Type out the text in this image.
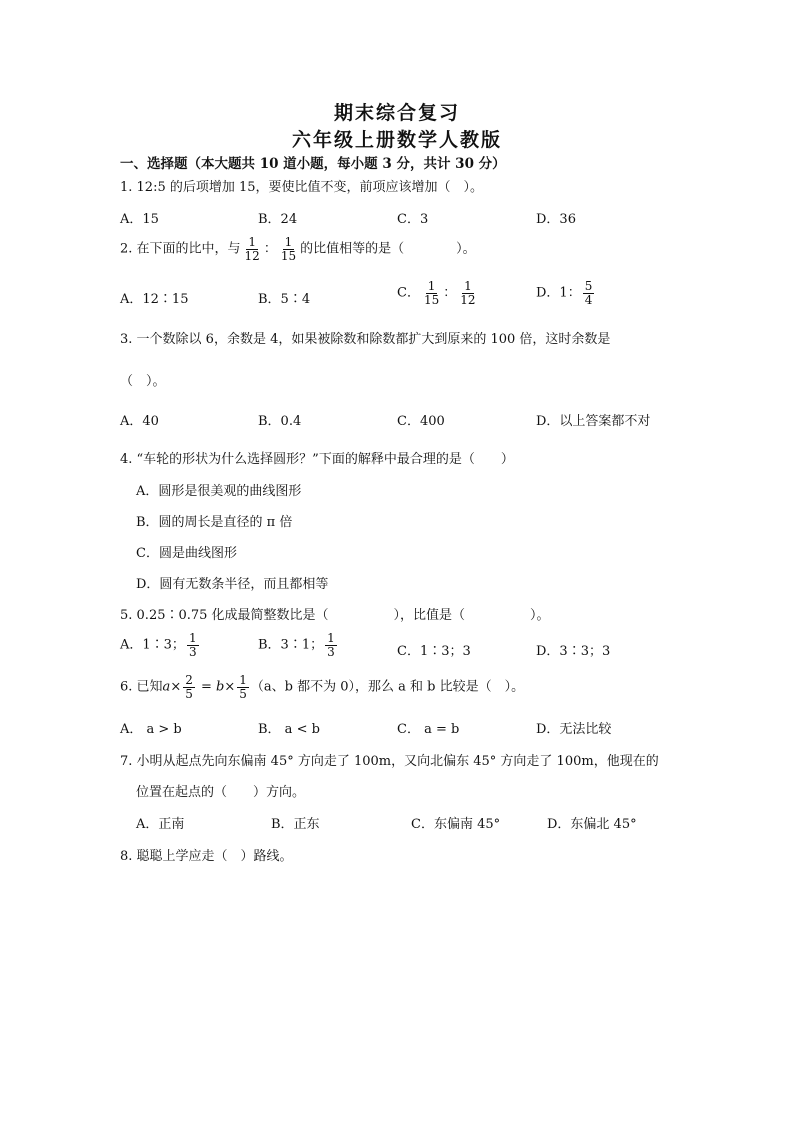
期末综合复习
六年级上册数学人教版
一、选择题（本大题共 10 道小题，每小题 3 分，共计 30 分）
1. 12:5 的后项增加 15，要使比值不变，前项应该增加（　）。
A．15	B．24	C．3	D．36
2. 在下面的比中，与 $\frac{1}{12}$ ： $\frac{1}{15}$ 的比值相等的是（　　　　）。
A．12∶15	B．5∶4	C． $\frac{1}{15}$ ： $\frac{1}{12}$	D．1： $\frac{5}{4}$
3. 一个数除以 6，余数是 4，如果被除数和除数都扩大到原来的 100 倍，这时余数是
（　）。
A．40	B．0.4	C．400	D．以上答案都不对
4. “车轮的形状为什么选择圆形？”下面的解释中最合理的是（　　）
A．圆形是很美观的曲线图形
B．圆的周长是直径的 π 倍
C．圆是曲线图形
D．圆有无数条半径，而且都相等
5. 0.25∶0.75 化成最简整数比是（　　　　　），比值是（　　　　　）。
A．1∶3； $\frac{1}{3}$	B．3∶1； $\frac{1}{3}$	C．1∶3；3	D．3∶3；3
6. 已知$a\times \frac{2}{5} = b\times \frac{1}{5} (a$、b 都不为 0），那么 a 和 b 比较是（　）。
A． a > b	B． a < b	C． a = b	D．无法比较
7. 小明从起点先向东偏南 45° 方向走了 100m，又向北偏东 45° 方向走了 100m，他现在的
位置在起点的（　　）方向。
A．正南	B．正东	C．东偏南 45°	D．东偏北 45°
8. 聪聪上学应走（　）路线。
